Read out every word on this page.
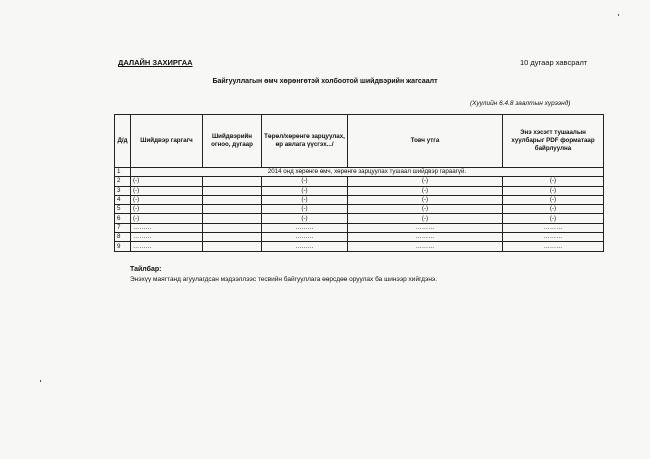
ДАЛАЙН ЗАХИРГАА	10 дугаар хавсралт
Байгууллагын өмч хөрөнгөтэй холбоотой шийдвэрийн жагсаалт
(Хуулийн 6.4.8 заалтын хүрээнд)
Д/д	Шийдвэр гаргагч	Шийдвэрийн огноо, дугаар	Төрөл/хөрөнгө зарцуулах, өр авлага үүсгэх.../	Товч утга	Энэ хэсэгт тушаалын хуулбарыг PDF форматаар байрлуулна
1	2014 онд хөрөнгө өмч, хөрөнгө зарцуулах тушаал шийдвэр гараагүй.				
2	(-)		(-)	(-)	(-)
3	(-)		(-)	(-)	(-)
4	(-)		(-)	(-)	(-)
5	(-)		(-)	(-)	(-)
6	(-)		(-)	(-)	(-)
7	………		………	………	………
8	………		………	………	………
9	………		………	………	………
Тайлбар:
Энэхүү маягтанд агуулагдсан мэдээллээс тесвийн байгууллага өөрсдөө оруулах ба шинээр хийгдэнэ.
